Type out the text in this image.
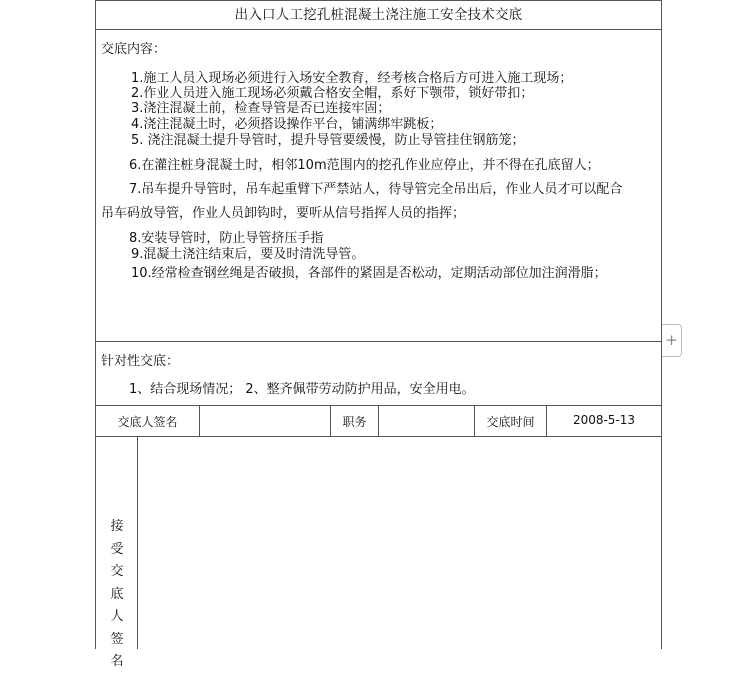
出入口人工挖孔桩混凝土浇注施工安全技术交底
交底内容：
1.施工人员入现场必须进行入场安全教育，经考核合格后方可进入施工现场；
2.作业人员进入施工现场必须戴合格安全帽，系好下颚带，锁好带扣；
3.浇注混凝土前，检查导管是否已连接牢固；
4.浇注混凝土时，必须搭设操作平台，铺满绑牢跳板；
5. 浇注混凝土提升导管时，提升导管要缓慢，防止导管挂住钢筋笼；
6.在灌注桩身混凝土时，相邻10m范围内的挖孔作业应停止，并不得在孔底留人；
7.吊车提升导管时，吊车起重臂下严禁站人，待导管完全吊出后，作业人员才可以配合
吊车码放导管，作业人员卸钩时，要听从信号指挥人员的指挥；
8.安装导管时，防止导管挤压手指
9.混凝土浇注结束后，要及时清洗导管。
10.经常检查钢丝绳是否破损，各部件的紧固是否松动，定期活动部位加注润滑脂；
针对性交底：
1、结合现场情况； 2、整齐佩带劳动防护用品，安全用电。
交底人签名	职务	交底时间	2008-5-13
接受交底人签名
+
